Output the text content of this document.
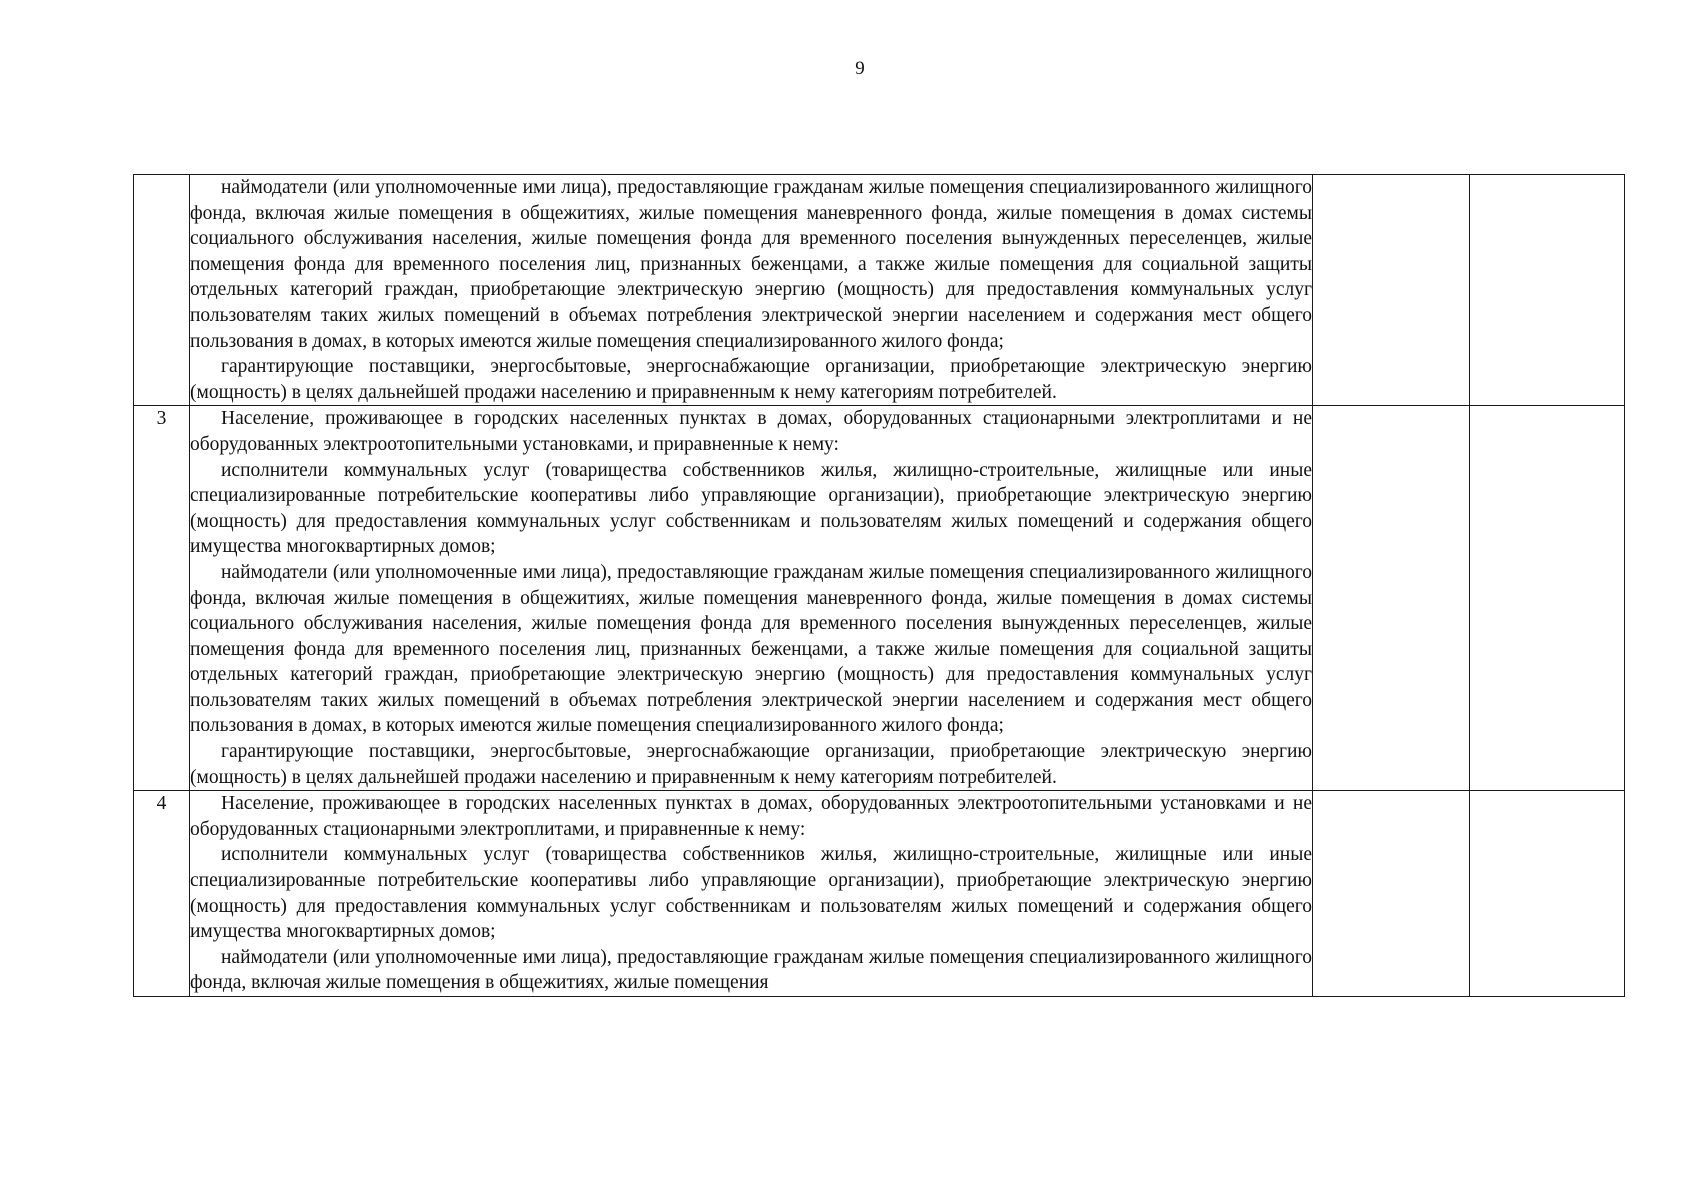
9

	наймодатели (или уполномоченные ими лица), предоставляющие гражданам жилые помещения специализированного жилищного фонда, включая жилые помещения в общежитиях, жилые помещения маневренного фонда, жилые помещения в домах системы социального обслуживания населения, жилые помещения фонда для временного поселения вынужденных переселенцев, жилые помещения фонда для временного поселения лиц, признанных беженцами, а также жилые помещения для социальной защиты отдельных категорий граждан, приобретающие электрическую энергию (мощность) для предоставления коммунальных услуг пользователям таких жилых помещений в объемах потребления электрической энергии населением и содержания мест общего пользования в домах, в которых имеются жилые помещения специализированного жилого фонда;

гарантирующие поставщики, энергосбытовые, энергоснабжающие организации, приобретающие электрическую энергию (мощность) в целях дальнейшей продажи населению и приравненным к нему категориям потребителей.		

3	Население, проживающее в городских населенных пунктах в домах, оборудованных стационарными электроплитами и не оборудованных электроотопительными установками, и приравненные к нему:

исполнители коммунальных услуг (товарищества собственников жилья, жилищно-строительные, жилищные или иные специализированные потребительские кооперативы либо управляющие организации), приобретающие электрическую энергию (мощность) для предоставления коммунальных услуг собственникам и пользователям жилых помещений и содержания общего имущества многоквартирных домов;

наймодатели (или уполномоченные ими лица), предоставляющие гражданам жилые помещения специализированного жилищного фонда, включая жилые помещения в общежитиях, жилые помещения маневренного фонда, жилые помещения в домах системы социального обслуживания населения, жилые помещения фонда для временного поселения вынужденных переселенцев, жилые помещения фонда для временного поселения лиц, признанных беженцами, а также жилые помещения для социальной защиты отдельных категорий граждан, приобретающие электрическую энергию (мощность) для предоставления коммунальных услуг пользователям таких жилых помещений в объемах потребления электрической энергии населением и содержания мест общего пользования в домах, в которых имеются жилые помещения специализированного жилого фонда;

гарантирующие поставщики, энергосбытовые, энергоснабжающие организации, приобретающие электрическую энергию (мощность) в целях дальнейшей продажи населению и приравненным к нему категориям потребителей.		

4	Население, проживающее в городских населенных пунктах в домах, оборудованных электроотопительными установками и не оборудованных стационарными электроплитами, и приравненные к нему:

исполнители коммунальных услуг (товарищества собственников жилья, жилищно-строительные, жилищные или иные специализированные потребительские кооперативы либо управляющие организации), приобретающие электрическую энергию (мощность) для предоставления коммунальных услуг собственникам и пользователям жилых помещений и содержания общего имущества многоквартирных домов;

наймодатели (или уполномоченные ими лица), предоставляющие гражданам жилые помещения специализированного жилищного фонда, включая жилые помещения в общежитиях, жилые помещения		
